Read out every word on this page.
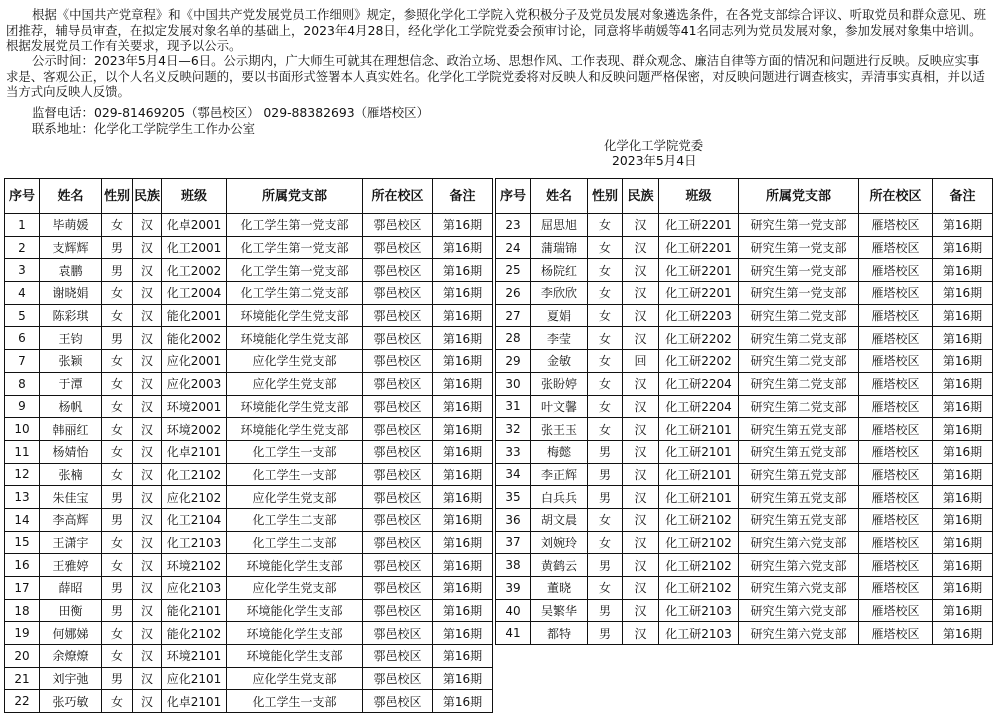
根据《中国共产党章程》和《中国共产党发展党员工作细则》规定，参照化学化工学院入党积极分子及党员发展对象遴选条件，在各党支部综合评议、听取党员和群众意见、班团推荐，辅导员审查，在拟定发展对象名单的基础上，2023年4月28日，经化学化工学院党委会预审讨论，同意将毕萌媛等41名同志列为党员发展对象，参加发展对象集中培训。根据发展党员工作有关要求，现予以公示。

公示时间：2023年5月4日—6日。公示期内，广大师生可就其在理想信念、政治立场、思想作风、工作表现、群众观念、廉洁自律等方面的情况和问题进行反映。反映应实事求是、客观公正，以个人名义反映问题的，要以书面形式签署本人真实姓名。化学化工学院党委将对反映人和反映问题严格保密，对反映问题进行调查核实，弄清事实真相，并以适当方式向反映人反馈。

监督电话：029-81469205（鄠邑校区） 029-88382693（雁塔校区）
联系地址：化学化工学院学生工作办公室
化学化工学院党委
2023年5月4日
序号	姓名	性别	民族	班级	所属党支部	所在校区	备注
1	毕萌媛	女	汉	化卓2001	化工学生第一党支部	鄠邑校区	第16期
2	支辉辉	男	汉	化工2001	化工学生第一党支部	鄠邑校区	第16期
3	袁鹏	男	汉	化工2002	化工学生第一党支部	鄠邑校区	第16期
4	谢晓娟	女	汉	化工2004	化工学生第二党支部	鄠邑校区	第16期
5	陈彩琪	女	汉	能化2001	环境能化学生党支部	鄠邑校区	第16期
6	王钧	男	汉	能化2002	环境能化学生党支部	鄠邑校区	第16期
7	张颖	女	汉	应化2001	应化学生党支部	鄠邑校区	第16期
8	于潭	女	汉	应化2003	应化学生党支部	鄠邑校区	第16期
9	杨帆	女	汉	环境2001	环境能化学生党支部	鄠邑校区	第16期
10	韩丽红	女	汉	环境2002	环境能化学生党支部	鄠邑校区	第16期
11	杨婧怡	女	汉	化卓2101	化工学生一支部	鄠邑校区	第16期
12	张楠	女	汉	化工2102	化工学生一支部	鄠邑校区	第16期
13	朱佳宝	男	汉	应化2102	应化学生党支部	鄠邑校区	第16期
14	李高辉	男	汉	化工2104	化工学生二支部	鄠邑校区	第16期
15	王潇宇	女	汉	化工2103	化工学生二支部	鄠邑校区	第16期
16	王雅婷	女	汉	环境2102	环境能化学生支部	鄠邑校区	第16期
17	薛昭	男	汉	应化2103	应化学生党支部	鄠邑校区	第16期
18	田衡	男	汉	能化2101	环境能化学生支部	鄠邑校区	第16期
19	何娜娣	女	汉	能化2102	环境能化学生支部	鄠邑校区	第16期
20	余燎燎	女	汉	环境2101	环境能化学生支部	鄠邑校区	第16期
21	刘宇弛	男	汉	应化2101	应化学生党支部	鄠邑校区	第16期
22	张巧敏	女	汉	化卓2101	化工学生一支部	鄠邑校区	第16期
序号	姓名	性别	民族	班级	所属党支部	所在校区	备注
23	屈思旭	女	汉	化工研2201	研究生第一党支部	雁塔校区	第16期
24	蒲瑞锦	女	汉	化工研2201	研究生第一党支部	雁塔校区	第16期
25	杨院红	女	汉	化工研2201	研究生第一党支部	雁塔校区	第16期
26	李欣欣	女	汉	化工研2201	研究生第一党支部	雁塔校区	第16期
27	夏娟	女	汉	化工研2203	研究生第二党支部	雁塔校区	第16期
28	李莹	女	汉	化工研2202	研究生第二党支部	雁塔校区	第16期
29	金敏	女	回	化工研2202	研究生第二党支部	雁塔校区	第16期
30	张盼婷	女	汉	化工研2204	研究生第二党支部	雁塔校区	第16期
31	叶文馨	女	汉	化工研2204	研究生第二党支部	雁塔校区	第16期
32	张王玉	女	汉	化工研2101	研究生第五党支部	雁塔校区	第16期
33	梅懿	男	汉	化工研2101	研究生第五党支部	雁塔校区	第16期
34	李正辉	男	汉	化工研2101	研究生第五党支部	雁塔校区	第16期
35	白兵兵	男	汉	化工研2101	研究生第五党支部	雁塔校区	第16期
36	胡文晨	女	汉	化工研2102	研究生第五党支部	雁塔校区	第16期
37	刘婉玲	女	汉	化工研2102	研究生第六党支部	雁塔校区	第16期
38	黄鹤云	男	汉	化工研2102	研究生第六党支部	雁塔校区	第16期
39	董晓	女	汉	化工研2102	研究生第六党支部	雁塔校区	第16期
40	吴繁华	男	汉	化工研2103	研究生第六党支部	雁塔校区	第16期
41	都特	男	汉	化工研2103	研究生第六党支部	雁塔校区	第16期
